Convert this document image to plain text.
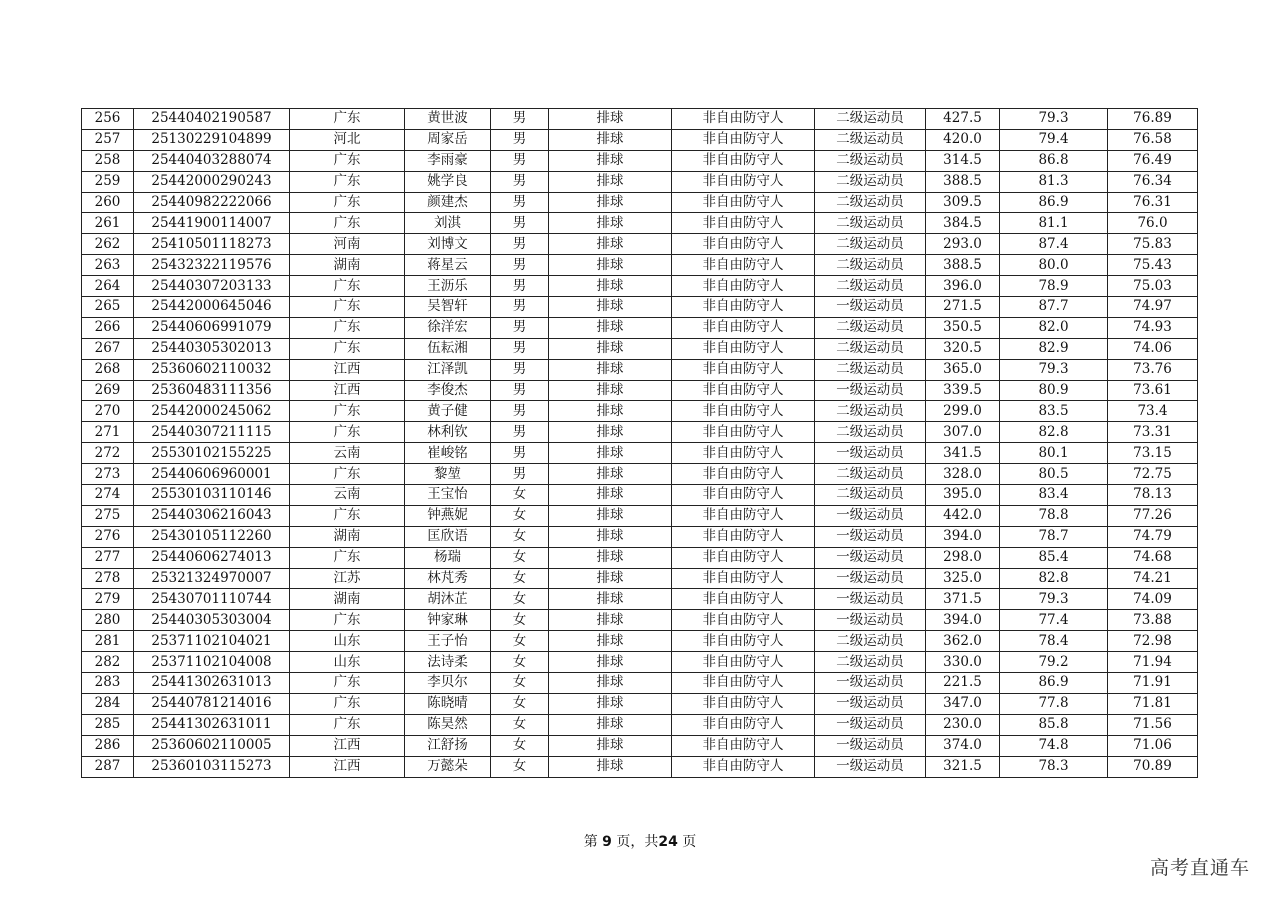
256	25440402190587	广东	黄世波	男	排球	非自由防守人	二级运动员	427.5	79.3	76.89
257	25130229104899	河北	周家岳	男	排球	非自由防守人	二级运动员	420.0	79.4	76.58
258	25440403288074	广东	李雨豪	男	排球	非自由防守人	二级运动员	314.5	86.8	76.49
259	25442000290243	广东	姚学良	男	排球	非自由防守人	二级运动员	388.5	81.3	76.34
260	25440982222066	广东	颜建杰	男	排球	非自由防守人	二级运动员	309.5	86.9	76.31
261	25441900114007	广东	刘淇	男	排球	非自由防守人	二级运动员	384.5	81.1	76.0
262	25410501118273	河南	刘博文	男	排球	非自由防守人	二级运动员	293.0	87.4	75.83
263	25432322119576	湖南	蒋星云	男	排球	非自由防守人	二级运动员	388.5	80.0	75.43
264	25440307203133	广东	王沥乐	男	排球	非自由防守人	二级运动员	396.0	78.9	75.03
265	25442000645046	广东	吴智轩	男	排球	非自由防守人	一级运动员	271.5	87.7	74.97
266	25440606991079	广东	徐洋宏	男	排球	非自由防守人	二级运动员	350.5	82.0	74.93
267	25440305302013	广东	伍耘湘	男	排球	非自由防守人	二级运动员	320.5	82.9	74.06
268	25360602110032	江西	江泽凯	男	排球	非自由防守人	二级运动员	365.0	79.3	73.76
269	25360483111356	江西	李俊杰	男	排球	非自由防守人	一级运动员	339.5	80.9	73.61
270	25442000245062	广东	黄子健	男	排球	非自由防守人	二级运动员	299.0	83.5	73.4
271	25440307211115	广东	林利钦	男	排球	非自由防守人	二级运动员	307.0	82.8	73.31
272	25530102155225	云南	崔峻铭	男	排球	非自由防守人	一级运动员	341.5	80.1	73.15
273	25440606960001	广东	黎堃	男	排球	非自由防守人	二级运动员	328.0	80.5	72.75
274	25530103110146	云南	王宝怡	女	排球	非自由防守人	二级运动员	395.0	83.4	78.13
275	25440306216043	广东	钟燕妮	女	排球	非自由防守人	一级运动员	442.0	78.8	77.26
276	25430105112260	湖南	匡欣语	女	排球	非自由防守人	一级运动员	394.0	78.7	74.79
277	25440606274013	广东	杨瑞	女	排球	非自由防守人	一级运动员	298.0	85.4	74.68
278	25321324970007	江苏	林芃秀	女	排球	非自由防守人	一级运动员	325.0	82.8	74.21
279	25430701110744	湖南	胡沐芷	女	排球	非自由防守人	一级运动员	371.5	79.3	74.09
280	25440305303004	广东	钟家琳	女	排球	非自由防守人	一级运动员	394.0	77.4	73.88
281	25371102104021	山东	王子怡	女	排球	非自由防守人	二级运动员	362.0	78.4	72.98
282	25371102104008	山东	法诗柔	女	排球	非自由防守人	二级运动员	330.0	79.2	71.94
283	25441302631013	广东	李贝尔	女	排球	非自由防守人	一级运动员	221.5	86.9	71.91
284	25440781214016	广东	陈晓晴	女	排球	非自由防守人	一级运动员	347.0	77.8	71.81
285	25441302631011	广东	陈昊然	女	排球	非自由防守人	一级运动员	230.0	85.8	71.56
286	25360602110005	江西	江舒扬	女	排球	非自由防守人	一级运动员	374.0	74.8	71.06
287	25360103115273	江西	万懿朵	女	排球	非自由防守人	一级运动员	321.5	78.3	70.89
第 9 页，共24 页
高考直通车
